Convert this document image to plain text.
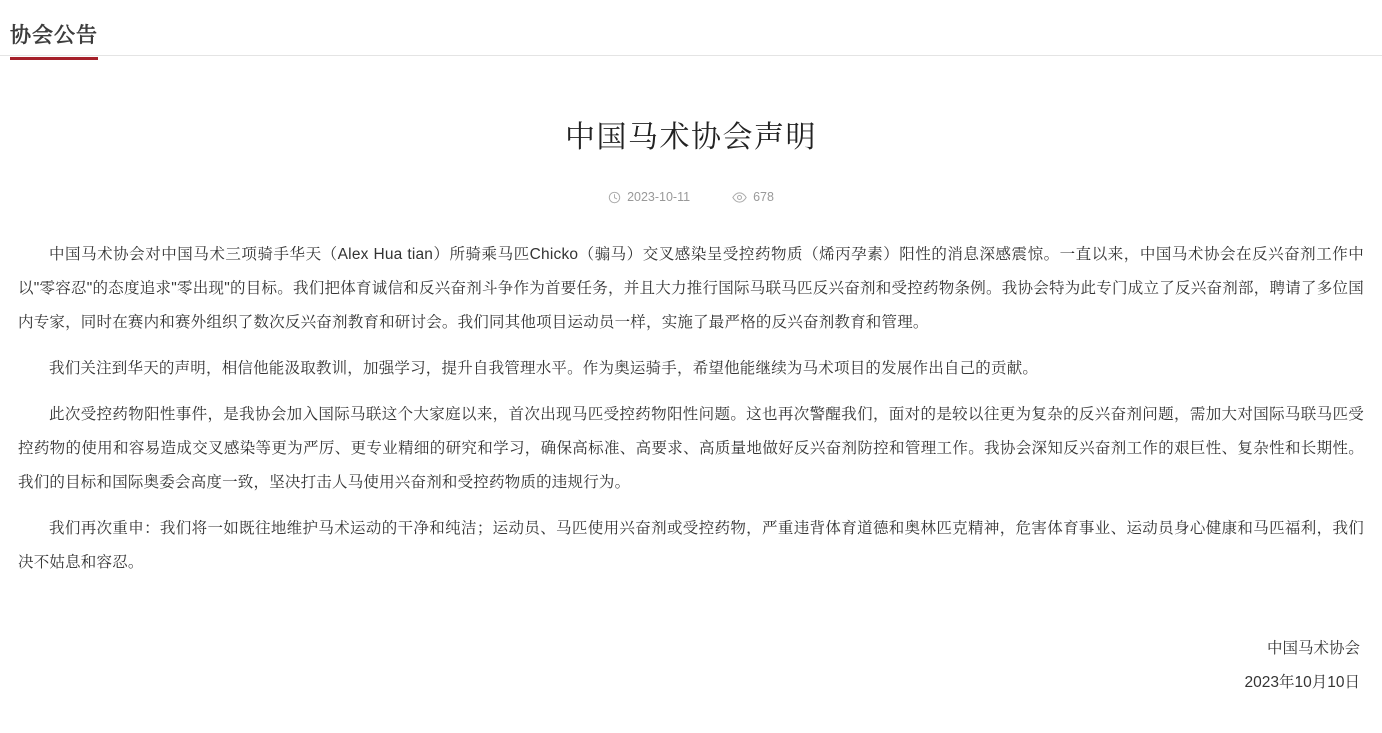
协会公告
中国马术协会声明
2023-10-11	678

中国马术协会对中国马术三项骑手华天（Alex Hua tian）所骑乘马匹Chicko（骟马）交叉感染呈受控药物质（烯丙孕素）阳性的消息深感震惊。一直以来，中国马术协会在反兴奋剂工作中以"零容忍"的态度追求"零出现"的目标。我们把体育诚信和反兴奋剂斗争作为首要任务，并且大力推行国际马联马匹反兴奋剂和受控药物条例。我协会特为此专门成立了反兴奋剂部，聘请了多位国内专家，同时在赛内和赛外组织了数次反兴奋剂教育和研讨会。我们同其他项目运动员一样，实施了最严格的反兴奋剂教育和管理。

我们关注到华天的声明，相信他能汲取教训，加强学习，提升自我管理水平。作为奥运骑手，希望他能继续为马术项目的发展作出自己的贡献。

此次受控药物阳性事件，是我协会加入国际马联这个大家庭以来，首次出现马匹受控药物阳性问题。这也再次警醒我们，面对的是较以往更为复杂的反兴奋剂问题，需加大对国际马联马匹受控药物的使用和容易造成交叉感染等更为严厉、更专业精细的研究和学习，确保高标准、高要求、高质量地做好反兴奋剂防控和管理工作。我协会深知反兴奋剂工作的艰巨性、复杂性和长期性。我们的目标和国际奥委会高度一致，坚决打击人马使用兴奋剂和受控药物质的违规行为。

我们再次重申：我们将一如既往地维护马术运动的干净和纯洁；运动员、马匹使用兴奋剂或受控药物，严重违背体育道德和奥林匹克精神，危害体育事业、运动员身心健康和马匹福利，我们决不姑息和容忍。

中国马术协会
2023年10月10日
